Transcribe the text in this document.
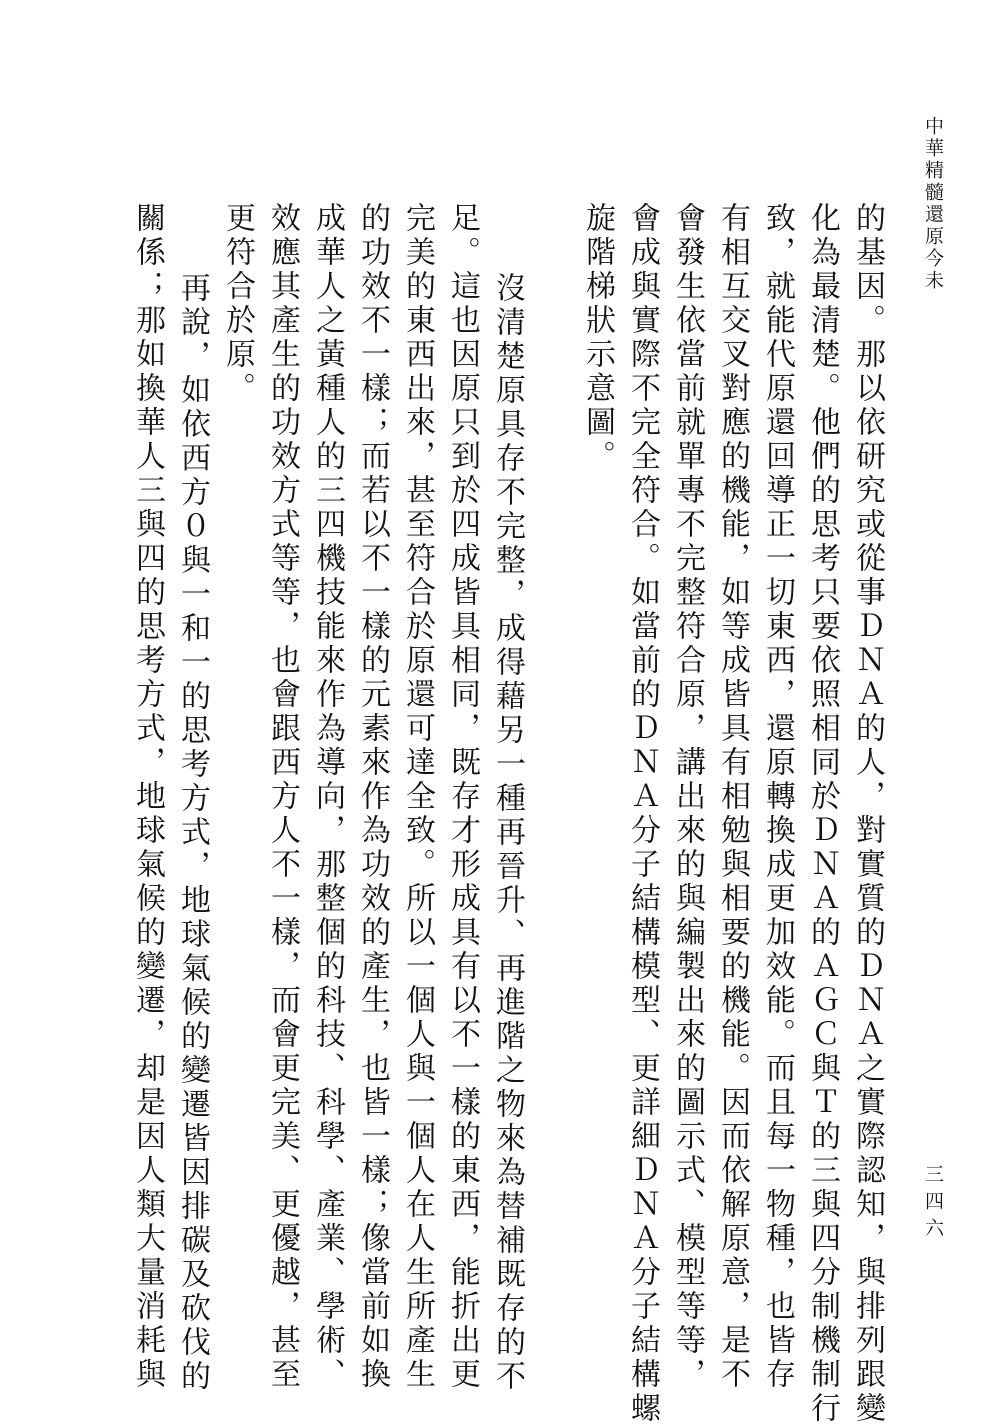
中華精髓還原今未
三四六
的基因。那以依研究或從事ＤＮＡ的人，對實質的ＤＮＡ之實際認知，與排列跟變
化為最清楚。他們的思考只要依照相同於ＤＮＡ的ＡＧＣ與Ｔ的三與四分制機制行
致，就能代原還回導正一切東西，還原轉換成更加效能。而且每一物種，也皆存
有相互交叉對應的機能，如等成皆具有相勉與相要的機能。因而依解原意，是不
會發生依當前就單專不完整符合原，講出來的與編製出來的圖示式、模型等等，
會成與實際不完全符合。如當前的ＤＮＡ分子結構模型、更詳細ＤＮＡ分子結構螺
旋階梯狀示意圖。
沒清楚原具存不完整，成得藉另一種再晉升、再進階之物來為替補既存的不
足。這也因原只到於四成皆具相同，既存才形成具有以不一樣的東西，能折出更
完美的東西出來，甚至符合於原還可達全致。所以一個人與一個人在人生所產生
的功效不一樣；而若以不一樣的元素來作為功效的產生，也皆一樣；像當前如換
成華人之黃種人的三四機技能來作為導向，那整個的科技、科學、產業、學術、
效應其產生的功效方式等等，也會跟西方人不一樣，而會更完美、更優越，甚至
更符合於原。
再說，如依西方０與一和一的思考方式，地球氣候的變遷皆因排碳及砍伐的
關係；那如換華人三與四的思考方式，地球氣候的變遷，却是因人類大量消耗與
